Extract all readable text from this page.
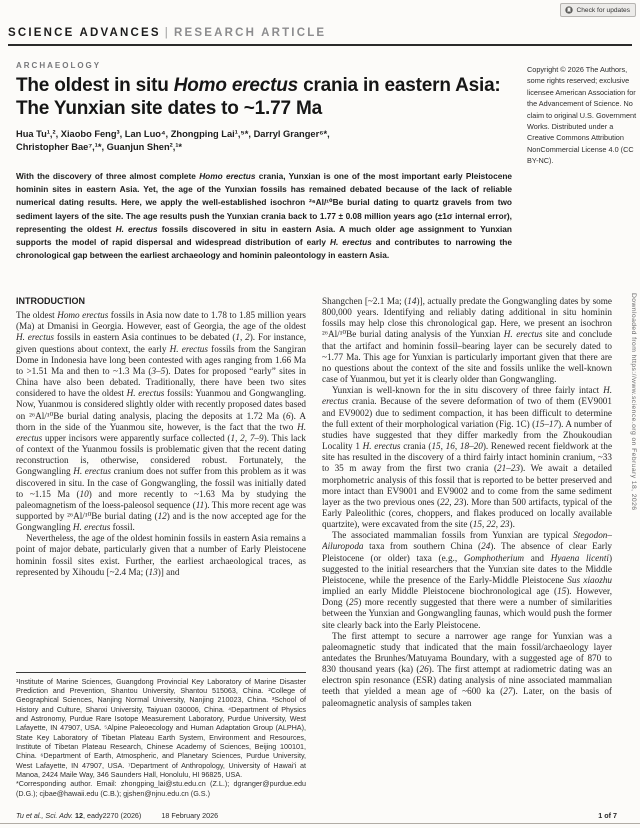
Check for updates
SCIENCE ADVANCES | RESEARCH ARTICLE
ARCHAEOLOGY
The oldest in situ Homo erectus crania in eastern Asia:
The Yunxian site dates to ~1.77 Ma
Hua Tu¹,², Xiaobo Feng³, Lan Luo⁴, Zhongping Lai¹,⁵*, Darryl Granger⁶*,
Christopher Bae⁷,¹*, Guanjun Shen²,¹*
Copyright © 2026 The Authors, some rights reserved; exclusive licensee American Association for the Advancement of Science. No claim to original U.S. Government Works. Distributed under a Creative Commons Attribution NonCommercial License 4.0 (CC BY-NC).
With the discovery of three almost complete Homo erectus crania, Yunxian is one of the most important early Pleistocene hominin sites in eastern Asia. Yet, the age of the Yunxian fossils has remained debated because of the lack of reliable numerical dating results. Here, we apply the well-established isochron ²⁶Al/¹⁰Be burial dating to quartz gravels from two sediment layers of the site. The age results push the Yunxian crania back to 1.77 ± 0.08 million years ago (±1σ internal error), representing the oldest H. erectus fossils discovered in situ in eastern Asia. A much older age assignment to Yunxian supports the model of rapid dispersal and widespread distribution of early H. erectus and contributes to narrowing the chronological gap between the earliest archaeology and hominin paleontology in eastern Asia.
INTRODUCTION

The oldest Homo erectus fossils in Asia now date to 1.78 to 1.85 million years (Ma) at Dmanisi in Georgia. However, east of Georgia, the age of the oldest H. erectus fossils in eastern Asia continues to be debated (1, 2). For instance, given questions about context, the early H. erectus fossils from the Sangiran Dome in Indonesia have long been contested with ages ranging from 1.66 Ma to >1.51 Ma and then to ~1.3 Ma (3–5). Dates for proposed “early” sites in China have also been debated. Traditionally, there have been two sites considered to have the oldest H. erectus fossils: Yuanmou and Gongwangling. Now, Yuanmou is considered slightly older with recently proposed dates based on ²⁶Al/¹⁰Be burial dating analysis, placing the deposits at 1.72 Ma (6). A thorn in the side of the Yuanmou site, however, is the fact that the two H. erectus upper incisors were apparently surface collected (1, 2, 7–9). This lack of context of the Yuanmou fossils is problematic given that the recent dating reconstruction is, otherwise, considered robust. Fortunately, the Gongwangling H. erectus cranium does not suffer from this problem as it was discovered in situ. In the case of Gongwangling, the fossil was initially dated to ~1.15 Ma (10) and more recently to ~1.63 Ma by studying the paleomagnetism of the loess-paleosol sequence (11). This more recent age was supported by ²⁶Al/¹⁰Be burial dating (12) and is the now accepted age for the Gongwangling H. erectus fossil.

Nevertheless, the age of the oldest hominin fossils in eastern Asia remains a point of major debate, particularly given that a number of Early Pleistocene hominin fossil sites exist. Further, the earliest archaeological traces, as represented by Xihoudu [~2.4 Ma; (13)] and

¹Institute of Marine Sciences, Guangdong Provincial Key Laboratory of Marine Disaster Prediction and Prevention, Shantou University, Shantou 515063, China. ²College of Geographical Sciences, Nanjing Normal University, Nanjing 210023, China. ³School of History and Culture, Shanxi University, Taiyuan 030006, China. ⁴Department of Physics and Astronomy, Purdue Rare Isotope Measurement Laboratory, Purdue University, West Lafayette, IN 47907, USA. ⁵Alpine Paleoecology and Human Adaptation Group (ALPHA), State Key Laboratory of Tibetan Plateau Earth System, Environment and Resources, Institute of Tibetan Plateau Research, Chinese Academy of Sciences, Beijing 100101, China. ⁶Department of Earth, Atmospheric, and Planetary Sciences, Purdue University, West Lafayette, IN 47907, USA. ⁷Department of Anthropology, University of Hawai'i at Manoa, 2424 Maile Way, 346 Saunders Hall, Honolulu, HI 96825, USA.

*Corresponding author. Email: zhongping_lai@stu.edu.cn (Z.L.); dgranger@purdue.edu (D.G.); cjbae@hawaii.edu (C.B.); gjshen@njnu.edu.cn (G.S.)

Shangchen [~2.1 Ma; (14)], actually predate the Gongwangling dates by some 800,000 years. Identifying and reliably dating additional in situ hominin fossils may help close this chronological gap. Here, we present an isochron ²⁶Al/¹⁰Be burial dating analysis of the Yunxian H. erectus site and conclude that the artifact and hominin fossil–bearing layer can be securely dated to ~1.77 Ma. This age for Yunxian is particularly important given that there are no questions about the context of the site and fossils unlike the well-known case of Yuanmou, but yet it is clearly older than Gongwangling.

Yunxian is well-known for the in situ discovery of three fairly intact H. erectus crania. Because of the severe deformation of two of them (EV9001 and EV9002) due to sediment compaction, it has been difficult to determine the full extent of their morphological variation (Fig. 1C) (15–17). A number of studies have suggested that they differ markedly from the Zhoukoudian Locality 1 H. erectus crania (15, 16, 18–20). Renewed recent fieldwork at the site has resulted in the discovery of a third fairly intact hominin cranium, ~33 to 35 m away from the first two crania (21–23). We await a detailed morphometric analysis of this fossil that is reported to be better preserved and more intact than EV9001 and EV9002 and to come from the same sediment layer as the two previous ones (22, 23). More than 500 artifacts, typical of the Early Paleolithic (cores, choppers, and flakes produced on locally available quartzite), were excavated from the site (15, 22, 23).

The associated mammalian fossils from Yunxian are typical Stegodon–Ailuropoda taxa from southern China (24). The absence of clear Early Pleistocene (or older) taxa (e.g., Gomphotherium and Hyaena licenti) suggested to the initial researchers that the Yunxian site dates to the Middle Pleistocene, while the presence of the Early-Middle Pleistocene Sus xiaozhu implied an early Middle Pleistocene biochronological age (15). However, Dong (25) more recently suggested that there were a number of similarities between the Yunxian and Gongwangling faunas, which would push the former site clearly back into the Early Pleistocene.

The first attempt to secure a narrower age range for Yunxian was a paleomagnetic study that indicated that the main fossil/archaeology layer antedates the Brunhes/Matuyama Boundary, with a suggested age of 870 to 830 thousand years (ka) (26). The first attempt at radiometric dating was an electron spin resonance (ESR) dating analysis of nine associated mammalian teeth that yielded a mean age of ~600 ka (27). Later, on the basis of paleomagnetic analysis of samples taken

Tu et al., Sci. Adv. 12, eady2270 (2026)	18 February 2026	1 of 7
Downloaded from https://www.science.org on February 18, 2026
